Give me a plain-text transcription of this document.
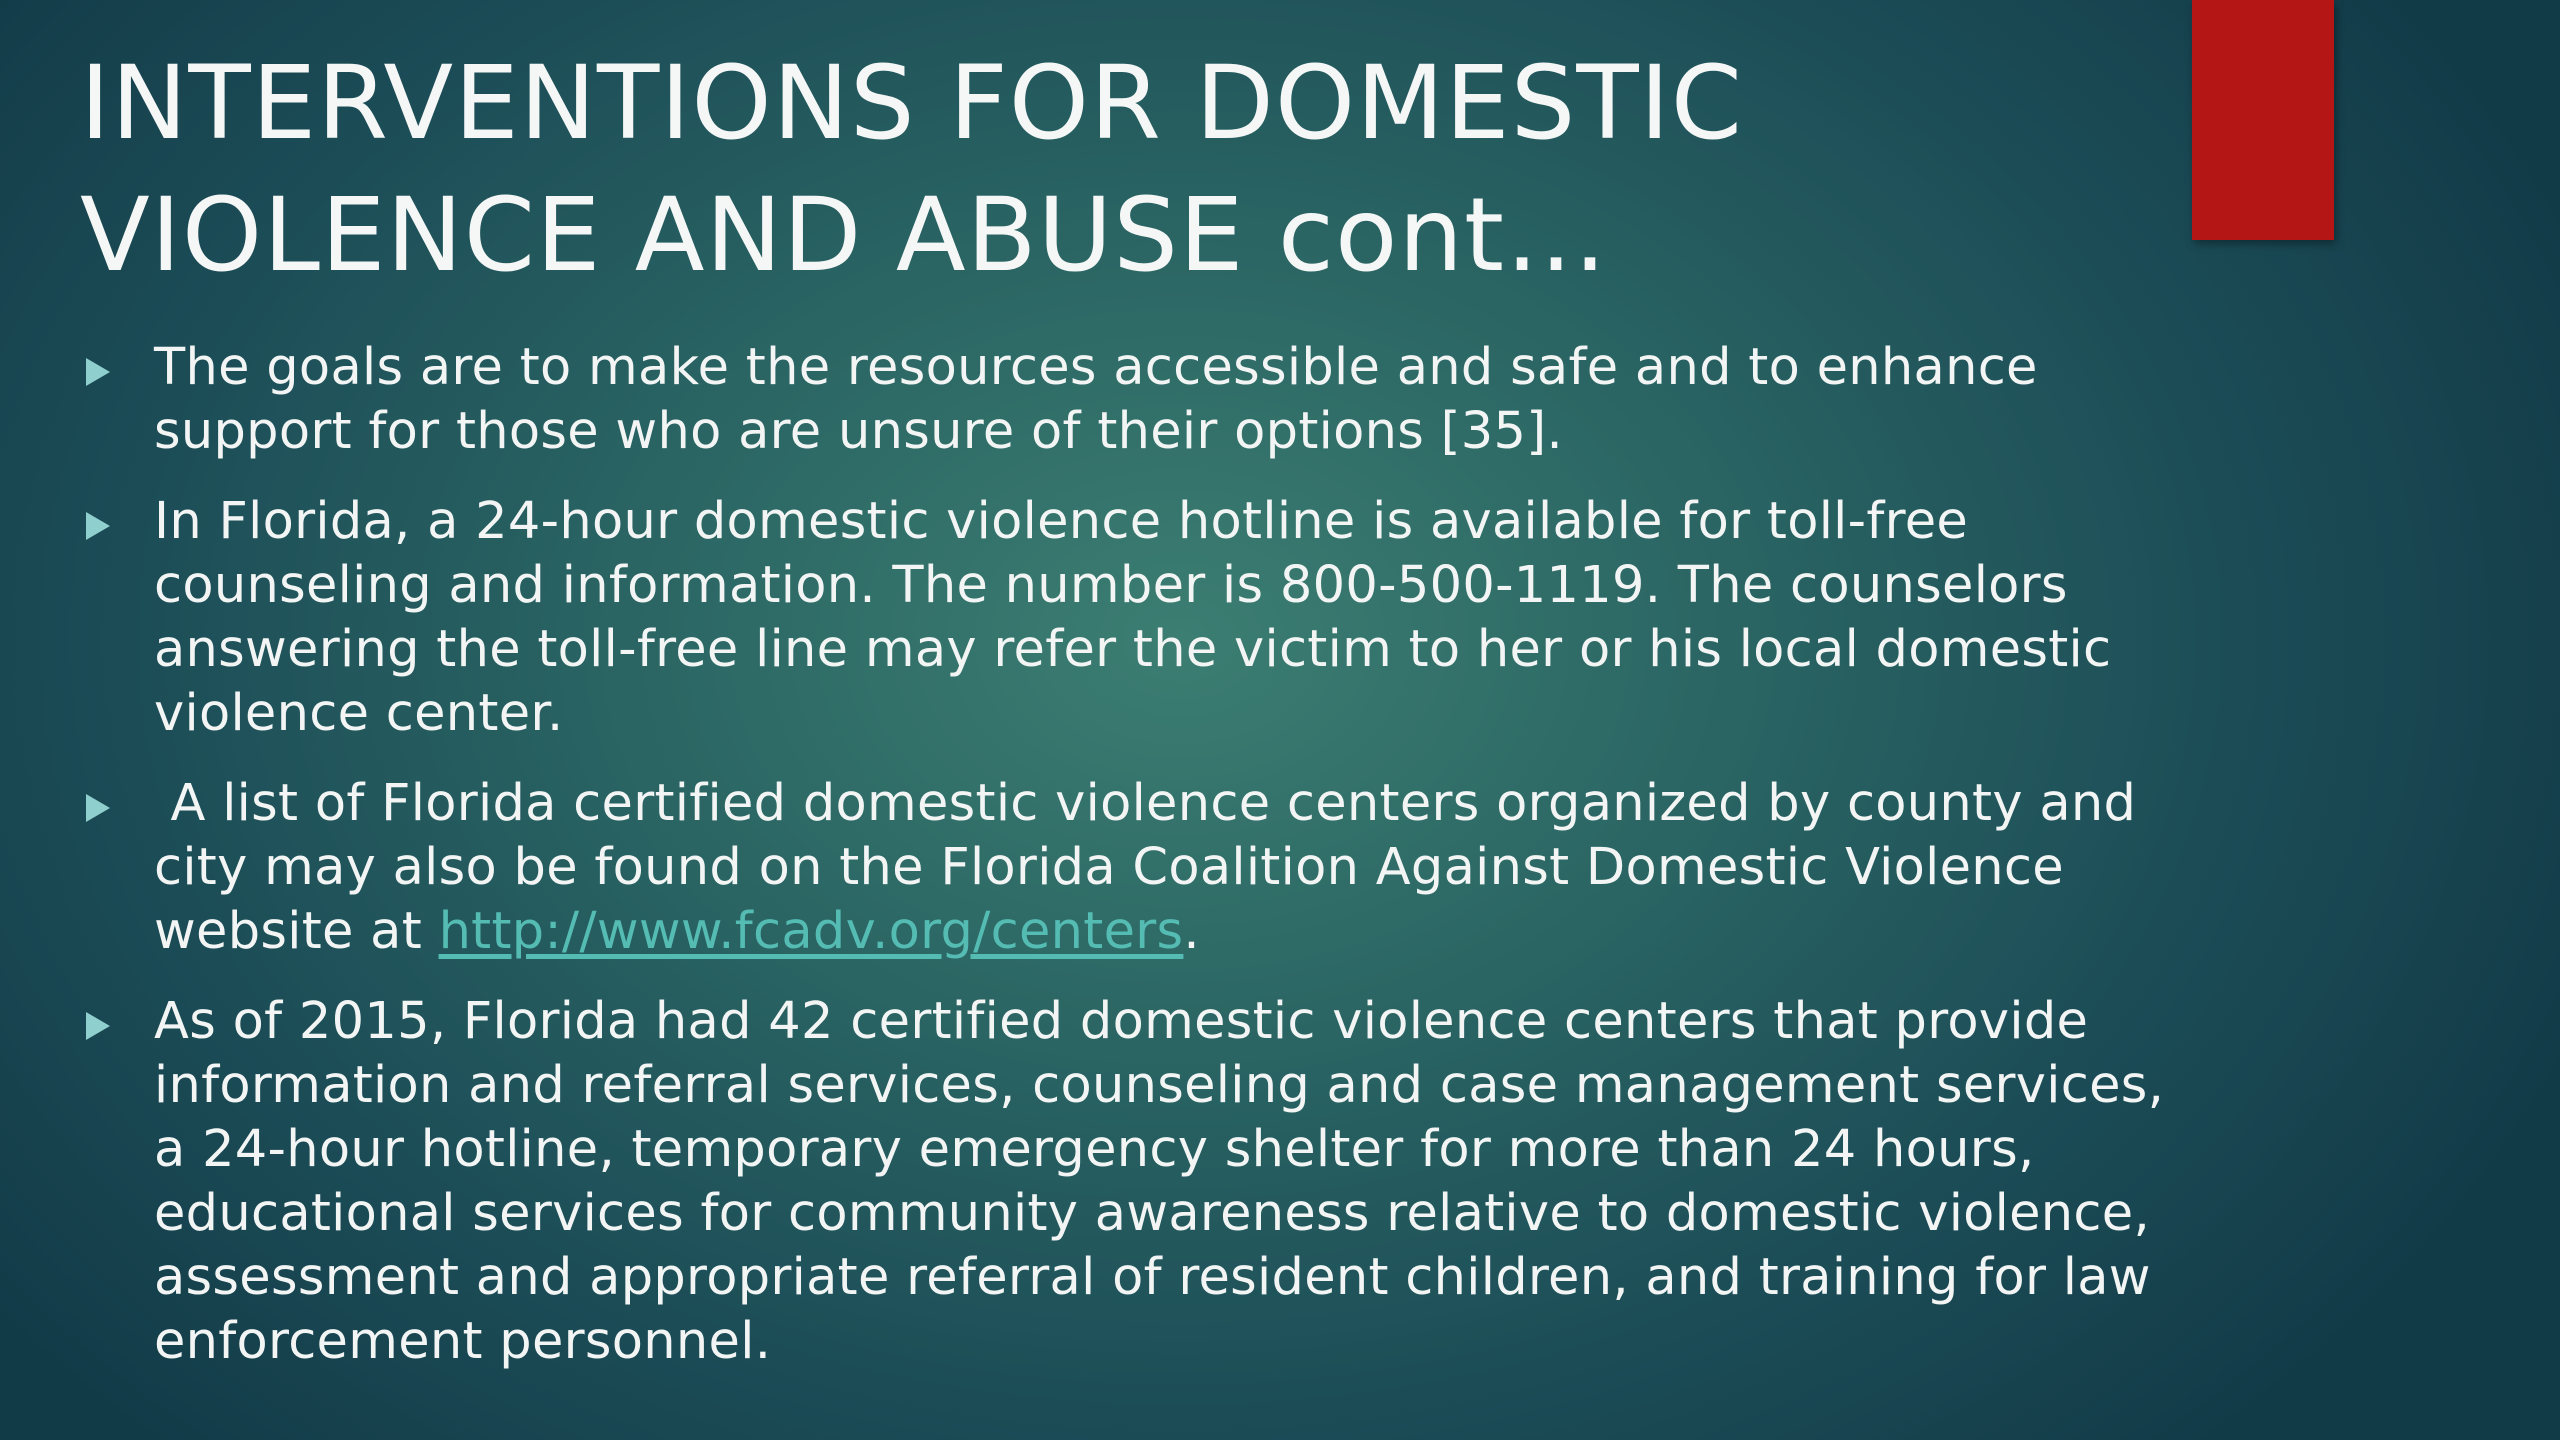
INTERVENTIONS FOR DOMESTIC
VIOLENCE AND ABUSE cont…
The goals are to make the resources accessible and safe and to enhance
support for those who are unsure of their options [35].
In Florida, a 24-hour domestic violence hotline is available for toll-free
counseling and information. The number is 800-500-1119. The counselors
answering the toll-free line may refer the victim to her or his local domestic
violence center.
A list of Florida certified domestic violence centers organized by county and
city may also be found on the Florida Coalition Against Domestic Violence
website at http://www.fcadv.org/centers.
As of 2015, Florida had 42 certified domestic violence centers that provide
information and referral services, counseling and case management services,
a 24-hour hotline, temporary emergency shelter for more than 24 hours,
educational services for community awareness relative to domestic violence,
assessment and appropriate referral of resident children, and training for law
enforcement personnel.
